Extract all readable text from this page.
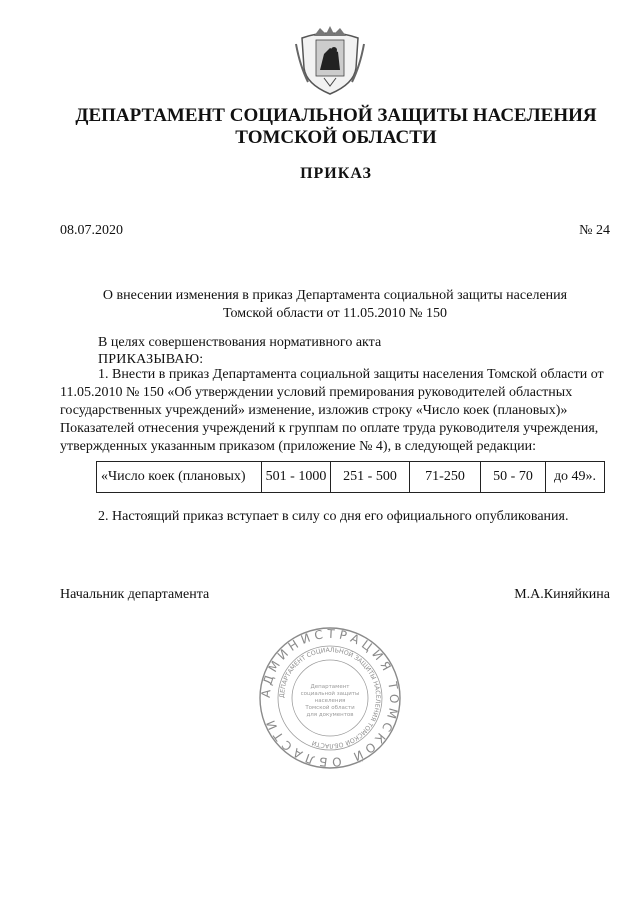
ДЕПАРТАМЕНТ СОЦИАЛЬНОЙ ЗАЩИТЫ НАСЕЛЕНИЯ
ТОМСКОЙ ОБЛАСТИ
ПРИКАЗ
08.07.2020	№ 24
О внесении изменения в приказ Департамента социальной защиты населения
Томской области от 11.05.2010 № 150
В целях совершенствования нормативного акта
ПРИКАЗЫВАЮ:
1. Внести в приказ Департамента социальной защиты населения Томской области от
11.05.2010 № 150 «Об утверждении условий премирования руководителей областных
государственных учреждений» изменение, изложив строку «Число коек (плановых)»
Показателей отнесения учреждений к группам по оплате труда руководителя учреждения,
утвержденных указанным приказом (приложение № 4), в следующей редакции:
«Число коек (плановых)	501 - 1000	251 - 500	71-250	50 - 70	до 49».
2. Настоящий приказ вступает в силу со дня его официального опубликования.
Начальник департамента	М.А.Киняйкина
АДМИНИСТРАЦИЯ ТОМСКОЙ ОБЛАСТИ
ДЕПАРТАМЕНТ СОЦИАЛЬНОЙ ЗАЩИТЫ НАСЕЛЕНИЯ ТОМСКОЙ ОБЛАСТИ
Департамент
социальной защиты
населения
Томской области
для документов
